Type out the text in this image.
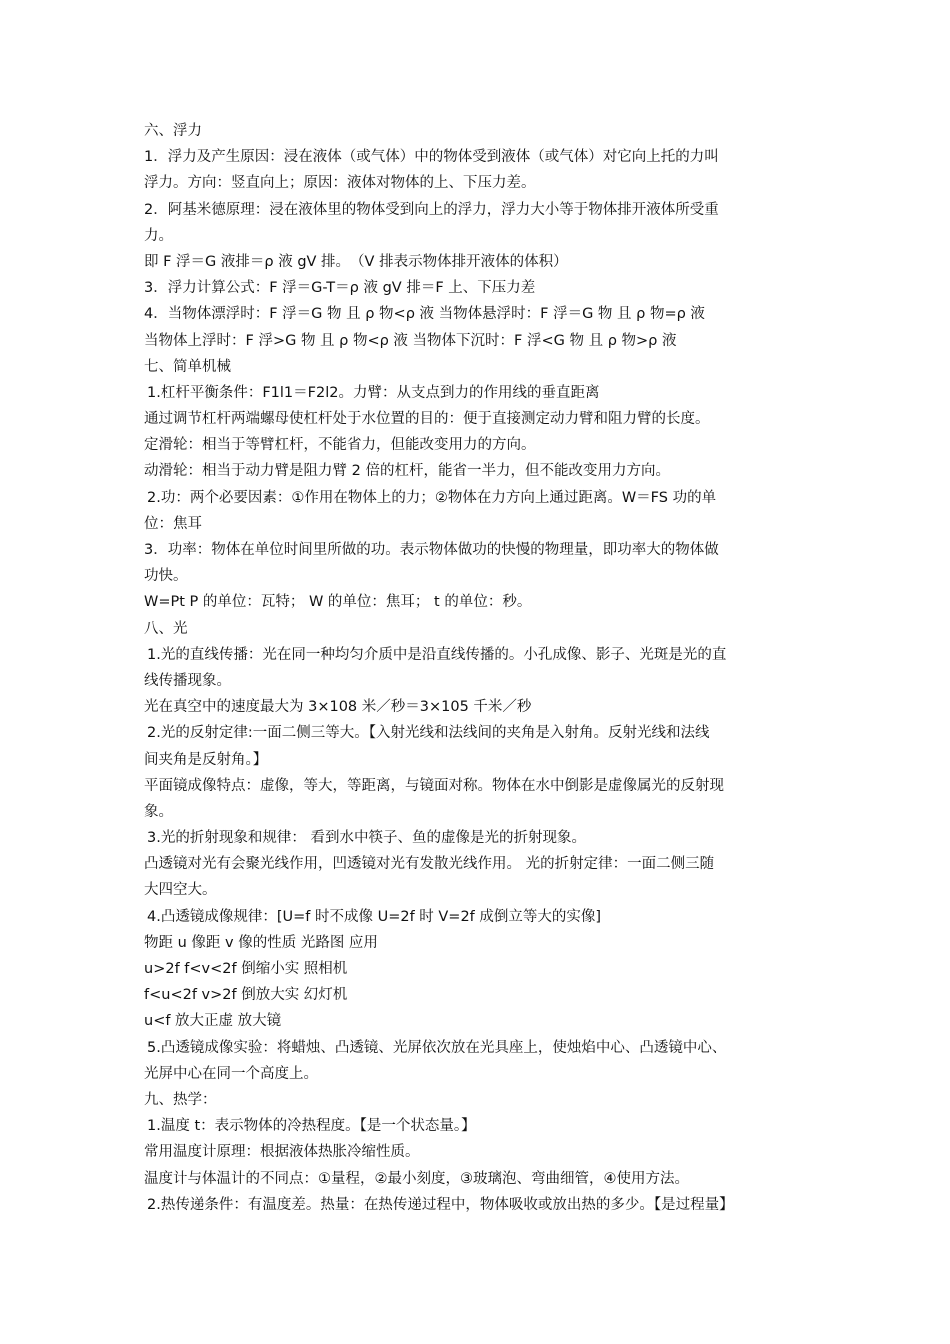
六、浮力
1．浮力及产生原因：浸在液体（或气体）中的物体受到液体（或气体）对它向上托的力叫
浮力。方向：竖直向上；原因：液体对物体的上、下压力差。
2．阿基米德原理：浸在液体里的物体受到向上的浮力，浮力大小等于物体排开液体所受重
力。
即 F 浮＝G 液排＝ρ 液 gV 排。　（V 排表示物体排开液体的体积）
3．浮力计算公式：F 浮＝G-T＝ρ 液 gV 排＝F 上、下压力差
4．当物体漂浮时：F 浮＝G 物 且 ρ 物<ρ 液 当物体悬浮时：F 浮＝G 物 且 ρ 物=ρ 液
当物体上浮时：F 浮>G 物 且 ρ 物<ρ 液 当物体下沉时：F 浮<G 物 且 ρ 物>ρ 液
七、简单机械
1.杠杆平衡条件：F1l1＝F2l2。力臂：从支点到力的作用线的垂直距离
通过调节杠杆两端螺母使杠杆处于水位置的目的：便于直接测定动力臂和阻力臂的长度。
定滑轮：相当于等臂杠杆，不能省力，但能改变用力的方向。
动滑轮：相当于动力臂是阻力臂 2 倍的杠杆，能省一半力，但不能改变用力方向。
2.功：两个必要因素：①作用在物体上的力；②物体在力方向上通过距离。W＝FS 功的单
位：焦耳
3．功率：物体在单位时间里所做的功。表示物体做功的快慢的物理量，即功率大的物体做
功快。
W=Pt P 的单位：瓦特； W 的单位：焦耳； t 的单位：秒。
八、光
1.光的直线传播：光在同一种均匀介质中是沿直线传播的。小孔成像、影子、光斑是光的直
线传播现象。
光在真空中的速度最大为 3×108 米／秒＝3×105 千米／秒
2.光的反射定律:一面二侧三等大。【入射光线和法线间的夹角是入射角。反射光线和法线
间夹角是反射角。】
平面镜成像特点：虚像，等大，等距离，与镜面对称。物体在水中倒影是虚像属光的反射现
象。
3.光的折射现象和规律： 看到水中筷子、鱼的虚像是光的折射现象。
凸透镜对光有会聚光线作用，凹透镜对光有发散光线作用。 光的折射定律：一面二侧三随
大四空大。
4.凸透镜成像规律：[U=f 时不成像 U=2f 时 V=2f 成倒立等大的实像]
物距 u 像距 v 像的性质 光路图 应用
u>2f f<v<2f 倒缩小实 照相机
f<u<2f v>2f 倒放大实 幻灯机
u<f 放大正虚 放大镜
5.凸透镜成像实验：将蜡烛、凸透镜、光屏依次放在光具座上，使烛焰中心、凸透镜中心、
光屏中心在同一个高度上。
九、热学：
1.温度 t：表示物体的冷热程度。【是一个状态量。】
常用温度计原理：根据液体热胀冷缩性质。
温度计与体温计的不同点：①量程，②最小刻度，③玻璃泡、弯曲细管，④使用方法。
2.热传递条件：有温度差。热量：在热传递过程中，物体吸收或放出热的多少。【是过程量】
